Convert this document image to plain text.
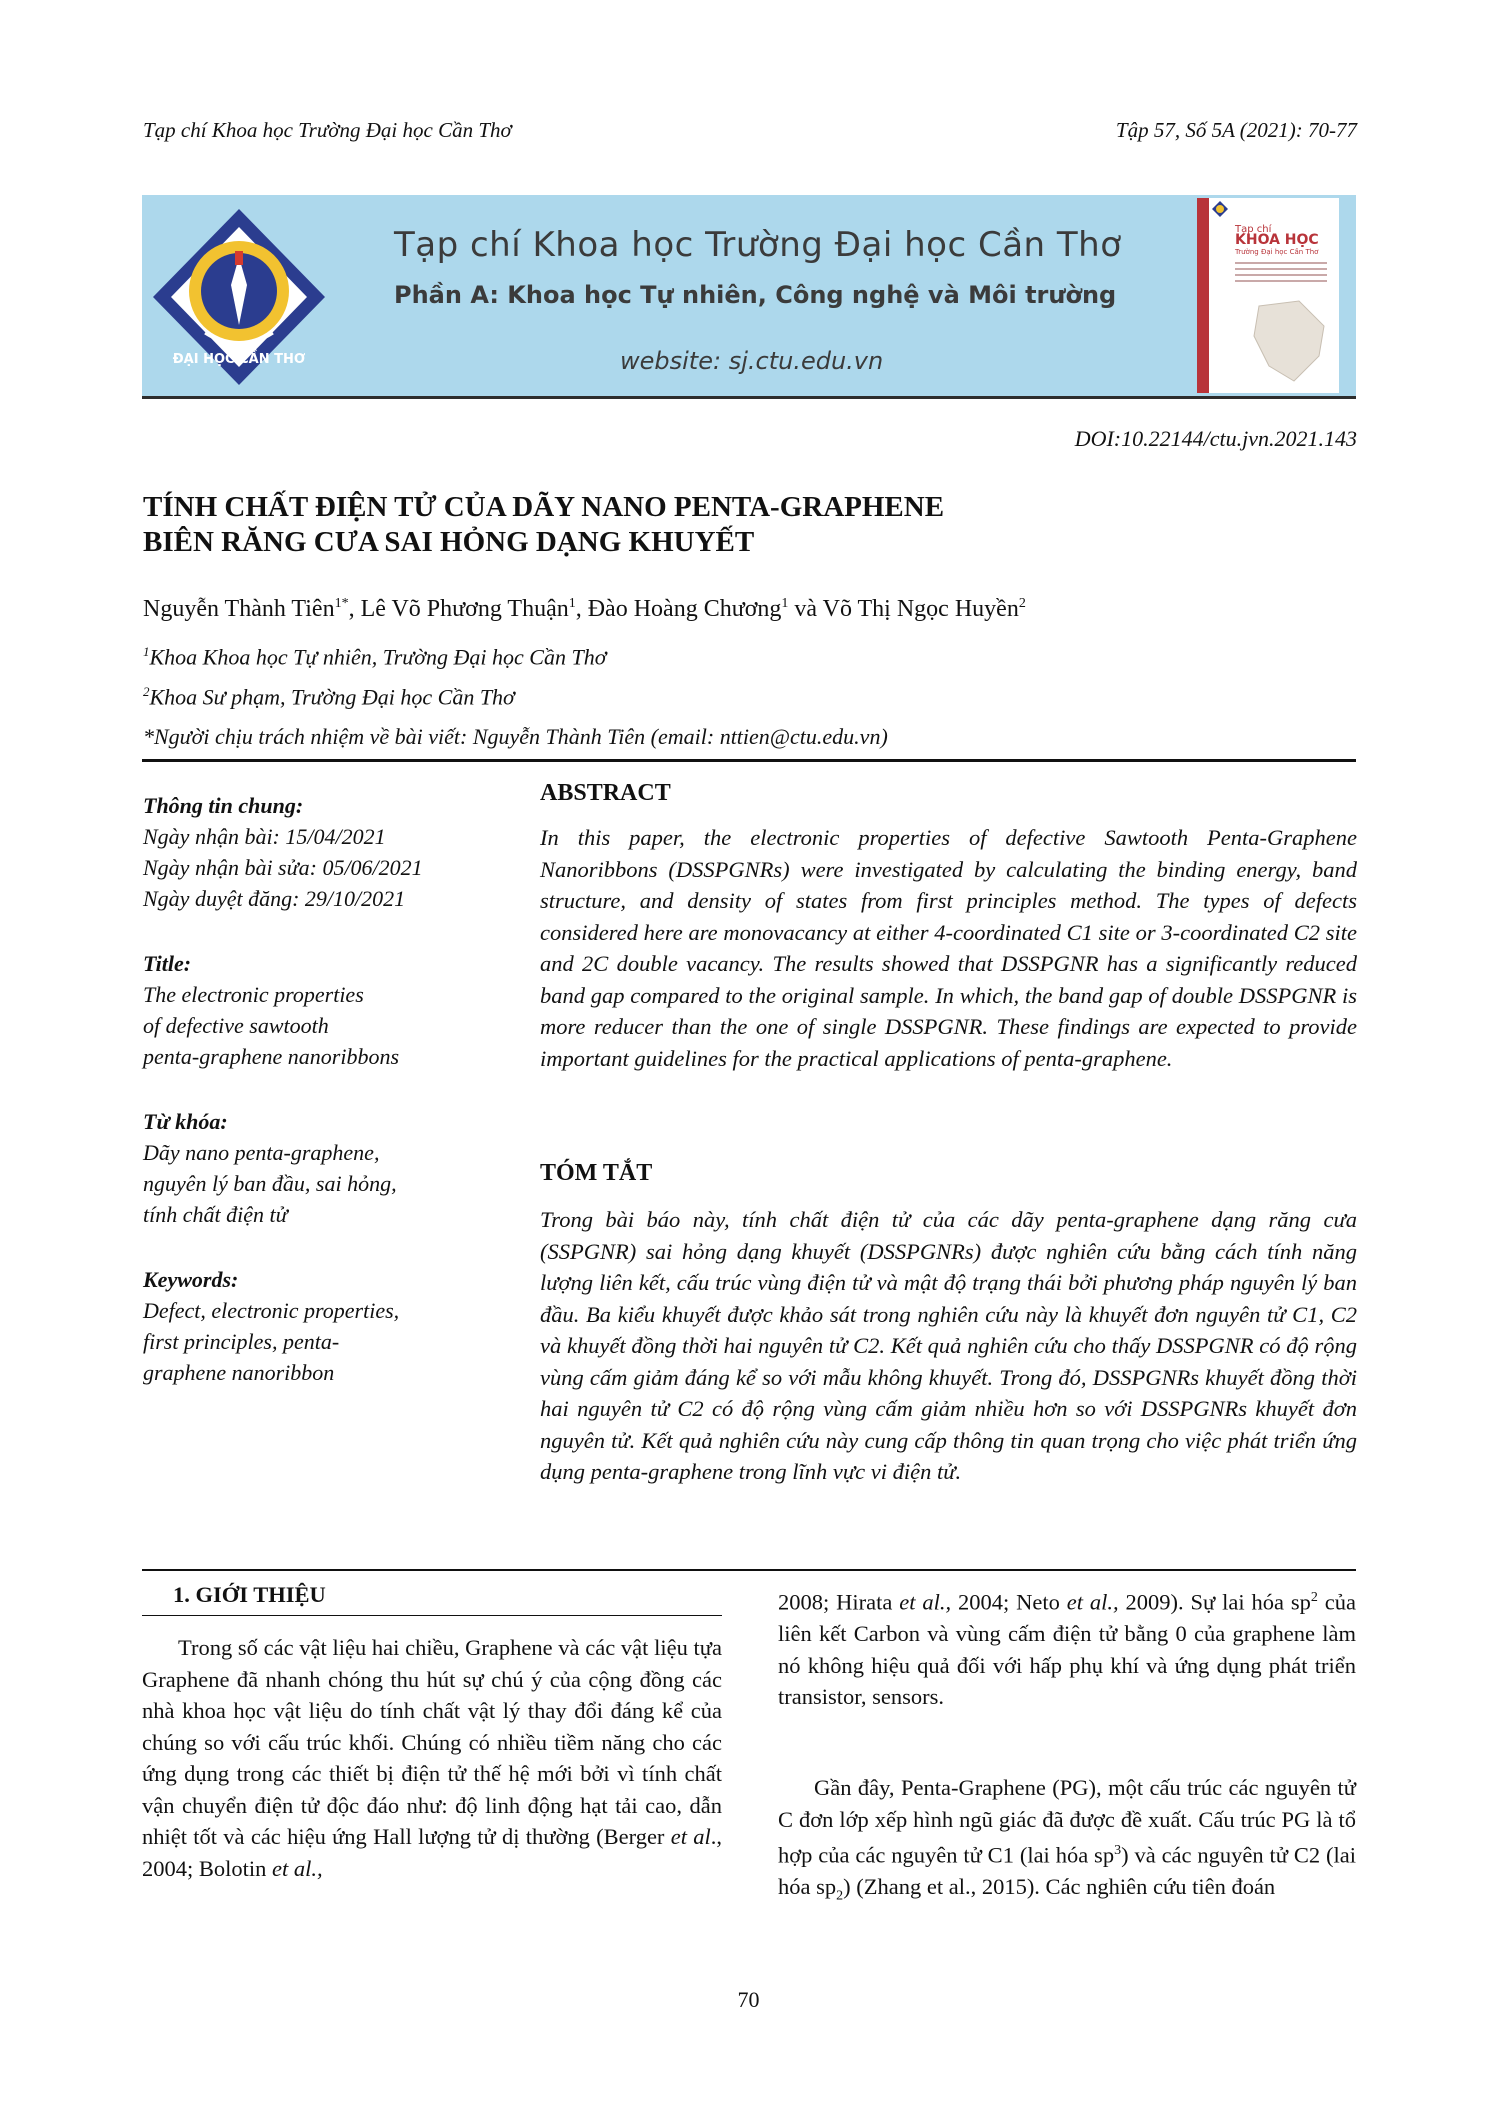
Tạp chí Khoa học Trường Đại học Cần Thơ	Tập 57, Số 5A (2021): 70-77
ĐẠI HỌC CẦN THƠ
Tạp chí Khoa học Trường Đại học Cần Thơ
Phần A: Khoa học Tự nhiên, Công nghệ và Môi trường
website: sj.ctu.edu.vn
Tạp chí
KHOA HỌC
Trường Đại học Cần Thơ
DOI:10.22144/ctu.jvn.2021.143
TÍNH CHẤT ĐIỆN TỬ CỦA DÃY NANO PENTA-GRAPHENE
BIÊN RĂNG CƯA SAI HỎNG DẠNG KHUYẾT
Nguyễn Thành Tiên$^{1*}$, Lê Võ Phương Thuận$^1$, Đào Hoàng Chương$^1$ và Võ Thị Ngọc Huyền$^2$
$^1$Khoa Khoa học Tự nhiên, Trường Đại học Cần Thơ
$^2$Khoa Sư phạm, Trường Đại học Cần Thơ
*Người chịu trách nhiệm về bài viết: Nguyễn Thành Tiên (email: nttien@ctu.edu.vn)
Thông tin chung:
Ngày nhận bài: 15/04/2021
Ngày nhận bài sửa: 05/06/2021
Ngày duyệt đăng: 29/10/2021
Title:
The electronic properties
of defective sawtooth
penta-graphene nanoribbons
Từ khóa:
Dãy nano penta-graphene,
nguyên lý ban đầu, sai hỏng,
tính chất điện tử
Keywords:
Defect, electronic properties,
first principles, penta-
graphene nanoribbon
ABSTRACT
In this paper, the electronic properties of defective Sawtooth Penta-Graphene Nanoribbons (DSSPGNRs) were investigated by calculating the binding energy, band structure, and density of states from first principles method. The types of defects considered here are monovacancy at either 4-coordinated C1 site or 3-coordinated C2 site and 2C double vacancy. The results showed that DSSPGNR has a significantly reduced band gap compared to the original sample. In which, the band gap of double DSSPGNR is more reducer than the one of single DSSPGNR. These findings are expected to provide important guidelines for the practical applications of penta-graphene.
TÓM TẮT
Trong bài báo này, tính chất điện tử của các dãy penta-graphene dạng răng cưa (SSPGNR) sai hỏng dạng khuyết (DSSPGNRs) được nghiên cứu bằng cách tính năng lượng liên kết, cấu trúc vùng điện tử và mật độ trạng thái bởi phương pháp nguyên lý ban đầu. Ba kiểu khuyết được khảo sát trong nghiên cứu này là khuyết đơn nguyên tử C1, C2 và khuyết đồng thời hai nguyên tử C2. Kết quả nghiên cứu cho thấy DSSPGNR có độ rộng vùng cấm giảm đáng kể so với mẫu không khuyết. Trong đó, DSSPGNRs khuyết đồng thời hai nguyên tử C2 có độ rộng vùng cấm giảm nhiều hơn so với DSSPGNRs khuyết đơn nguyên tử. Kết quả nghiên cứu này cung cấp thông tin quan trọng cho việc phát triển ứng dụng penta-graphene trong lĩnh vực vi điện tử.
1. GIỚI THIỆU
Trong số các vật liệu hai chiều, Graphene và các vật liệu tựa Graphene đã nhanh chóng thu hút sự chú ý của cộng đồng các nhà khoa học vật liệu do tính chất vật lý thay đổi đáng kể của chúng so với cấu trúc khối. Chúng có nhiều tiềm năng cho các ứng dụng trong các thiết bị điện tử thế hệ mới bởi vì tính chất vận chuyển điện tử độc đáo như: độ linh động hạt tải cao, dẫn nhiệt tốt và các hiệu ứng Hall lượng tử dị thường (Berger et al., 2004; Bolotin et al.,
2008; Hirata et al., 2004; Neto et al., 2009). Sự lai hóa $sp^2$ của liên kết Carbon và vùng cấm điện tử bằng 0 của graphene làm nó không hiệu quả đối với hấp phụ khí và ứng dụng phát triển transistor, sensors.
Gần đây, Penta-Graphene (PG), một cấu trúc các nguyên tử C đơn lớp xếp hình ngũ giác đã được đề xuất. Cấu trúc PG là tổ hợp của các nguyên tử C1 (lai hóa $sp^3$) và các nguyên tử C2 (lai hóa $sp_2$) (Zhang et al., 2015). Các nghiên cứu tiên đoán
70
